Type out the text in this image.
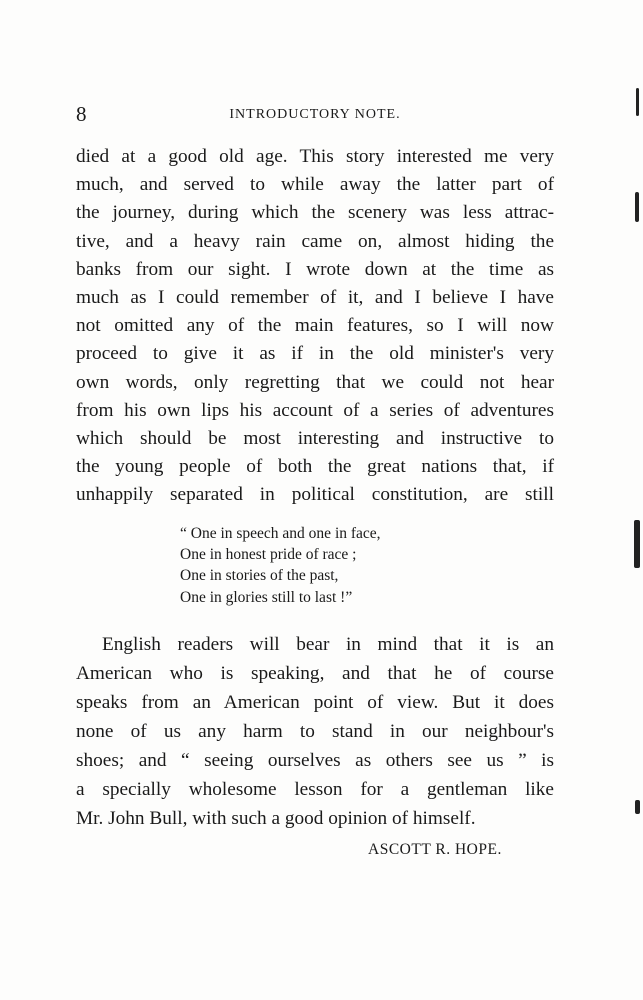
8	INTRODUCTORY NOTE.
died at a good old age. This story interested me very
much, and served to while away the latter part of
the journey, during which the scenery was less attrac-
tive, and a heavy rain came on, almost hiding the
banks from our sight. I wrote down at the time as
much as I could remember of it, and I believe I have
not omitted any of the main features, so I will now
proceed to give it as if in the old minister's very
own words, only regretting that we could not hear
from his own lips his account of a series of adventures
which should be most interesting and instructive to
the young people of both the great nations that, if
unhappily separated in political constitution, are still
“ One in speech and one in face,
One in honest pride of race ;
One in stories of the past,
One in glories still to last !”
English readers will bear in mind that it is an
American who is speaking, and that he of course
speaks from an American point of view. But it does
none of us any harm to stand in our neighbour's
shoes; and “ seeing ourselves as others see us ” is
a specially wholesome lesson for a gentleman like
Mr. John Bull, with such a good opinion of himself.
ASCOTT R. HOPE.
